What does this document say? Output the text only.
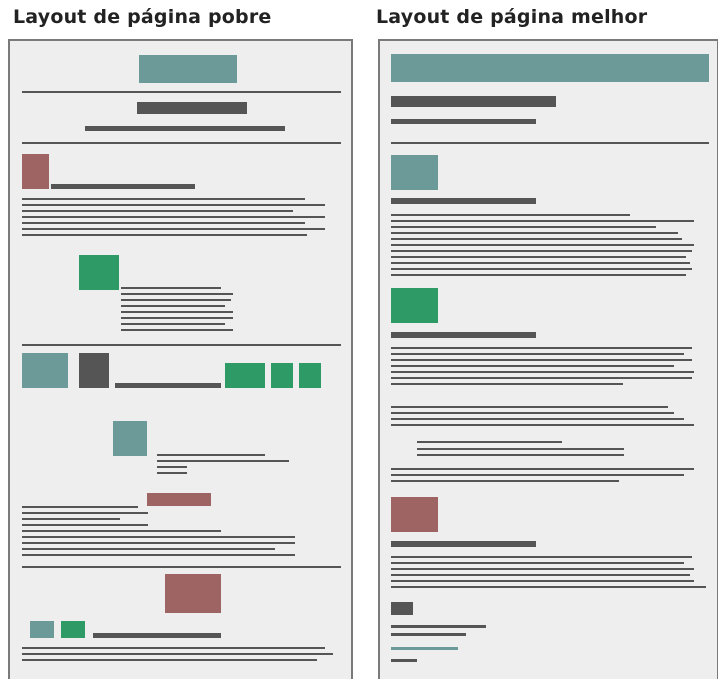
Layout de página pobre	Layout de página melhor
